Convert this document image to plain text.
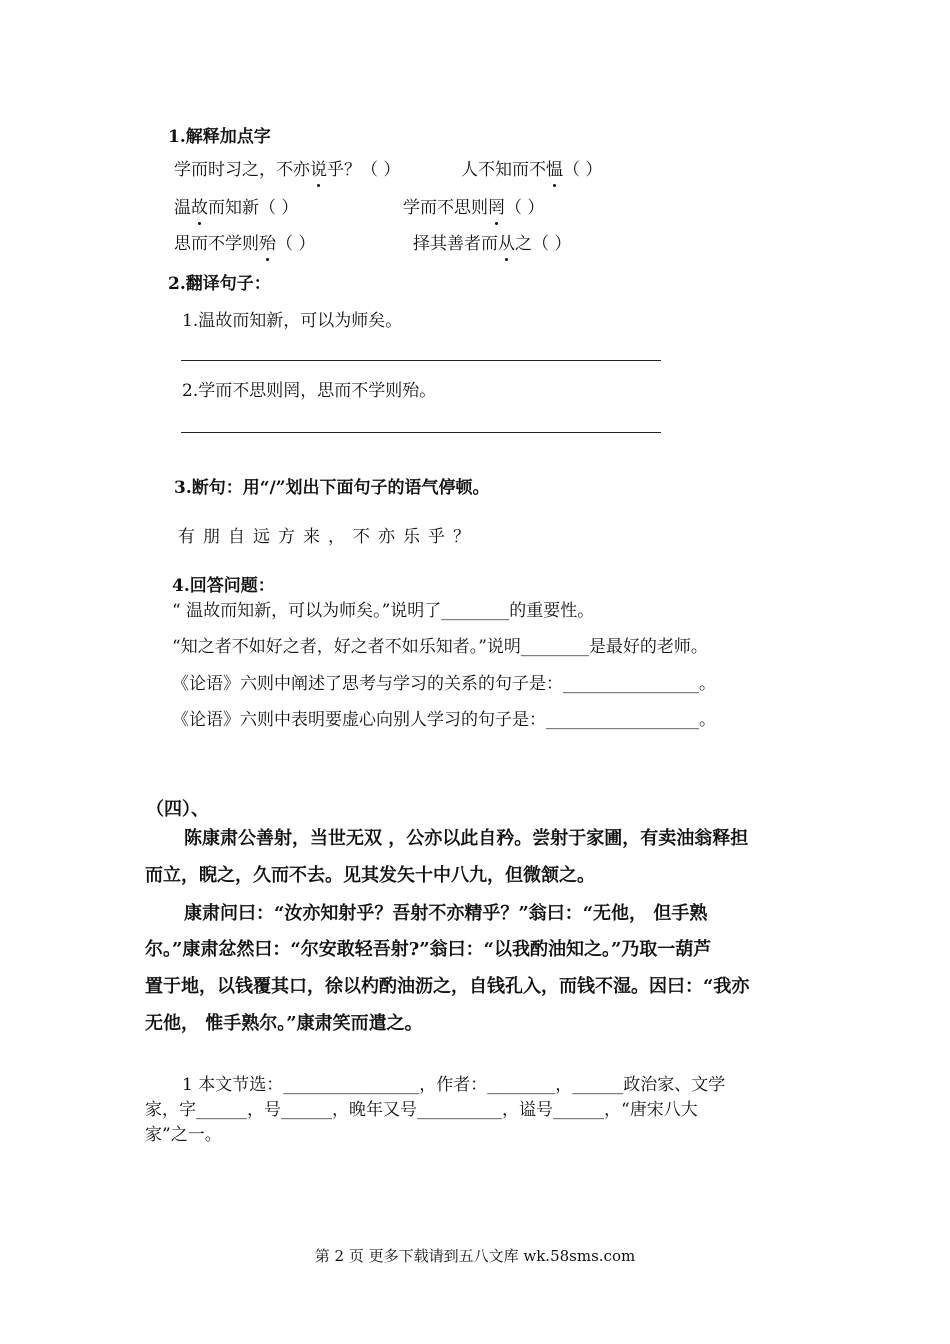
1.解释加点字
学而时习之，不亦说乎？（ ）	人不知而不愠（ ）
温故而知新（ ）	学而不思则罔（ ）
思而不学则殆（ ）	择其善者而从之（ ）
2.翻译句子：
1.温故而知新，可以为师矣。
2.学而不思则罔，思而不学则殆。
3.断句：用“/”划出下面句子的语气停顿。
有朋自远方来，不亦乐乎？
4.回答问题：
“ 温故而知新，可以为师矣。”说明了________的重要性。
“知之者不如好之者，好之者不如乐知者。”说明________是最好的老师。
《论语》六则中阐述了思考与学习的关系的句子是：________________。
《论语》六则中表明要虚心向别人学习的句子是：__________________。
（四）、
陈康肃公善射，当世无双 ，公亦以此自矜。尝射于家圃，有卖油翁释担
而立，睨之，久而不去。见其发矢十中八九，但微颔之。
康肃问曰：“汝亦知射乎？吾射不亦精乎？”翁曰：“无他， 但手熟
尔。”康肃忿然曰：“尔安敢轻吾射?”翁曰：“以我酌油知之。”乃取一葫芦
置于地，以钱覆其口，徐以杓酌油沥之，自钱孔入，而钱不湿。因曰：“我亦
无他， 惟手熟尔。”康肃笑而遣之。
1 本文节选：________________，作者：________，______政治家、文学
家，字______，号______，晚年又号__________，谥号______，“唐宋八大
家”之一。
第 2 页 更多下载请到五八文库 wk.58sms.com
